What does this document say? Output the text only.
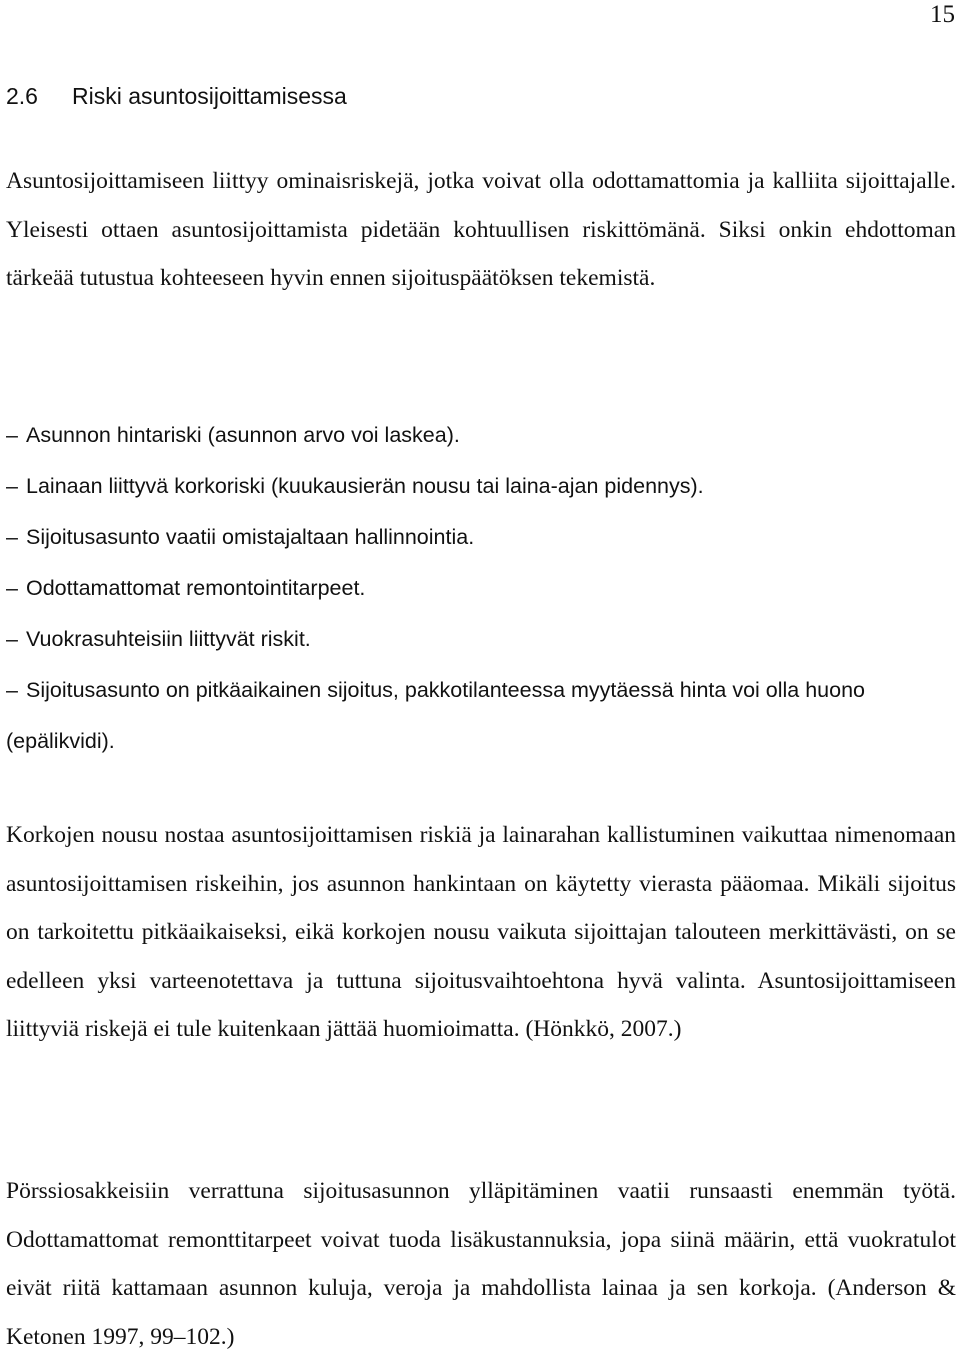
15
2.6 Riski asuntosijoittamisessa

Asuntosijoittamiseen liittyy ominaisriskejä, jotka voivat olla odottamattomia ja kalliita sijoittajalle. Yleisesti ottaen asuntosijoittamista pidetään kohtuullisen riskittömänä. Siksi onkin ehdottoman tärkeää tutustua kohteeseen hyvin ennen sijoituspäätöksen tekemistä.

– Asunnon hintariski (asunnon arvo voi laskea).
– Lainaan liittyvä korkoriski (kuukausierän nousu tai laina-ajan pidennys).
– Sijoitusasunto vaatii omistajaltaan hallinnointia.
– Odottamattomat remontointitarpeet.
– Vuokrasuhteisiin liittyvät riskit.
– Sijoitusasunto on pitkäaikainen sijoitus, pakkotilanteessa myytäessä hinta voi olla huono (epälikvidi).

Korkojen nousu nostaa asuntosijoittamisen riskiä ja lainarahan kallistuminen vaikuttaa nimenomaan asuntosijoittamisen riskeihin, jos asunnon hankintaan on käytetty vierasta pääomaa. Mikäli sijoitus on tarkoitettu pitkäaikaiseksi, eikä korkojen nousu vaikuta sijoittajan talouteen merkittävästi, on se edelleen yksi varteenotettava ja tuttuna sijoitusvaihtoehtona hyvä valinta. Asuntosijoittamiseen liittyviä riskejä ei tule kuitenkaan jättää huomioimatta. (Hönkkö, 2007.)

Pörssiosakkeisiin verrattuna sijoitusasunnon ylläpitäminen vaatii runsaasti enemmän työtä. Odottamattomat remonttitarpeet voivat tuoda lisäkustannuksia, jopa siinä määrin, että vuokratulot eivät riitä kattamaan asunnon kuluja, veroja ja mahdollista lainaa ja sen korkoja. (Anderson & Ketonen 1997, 99–102.)
